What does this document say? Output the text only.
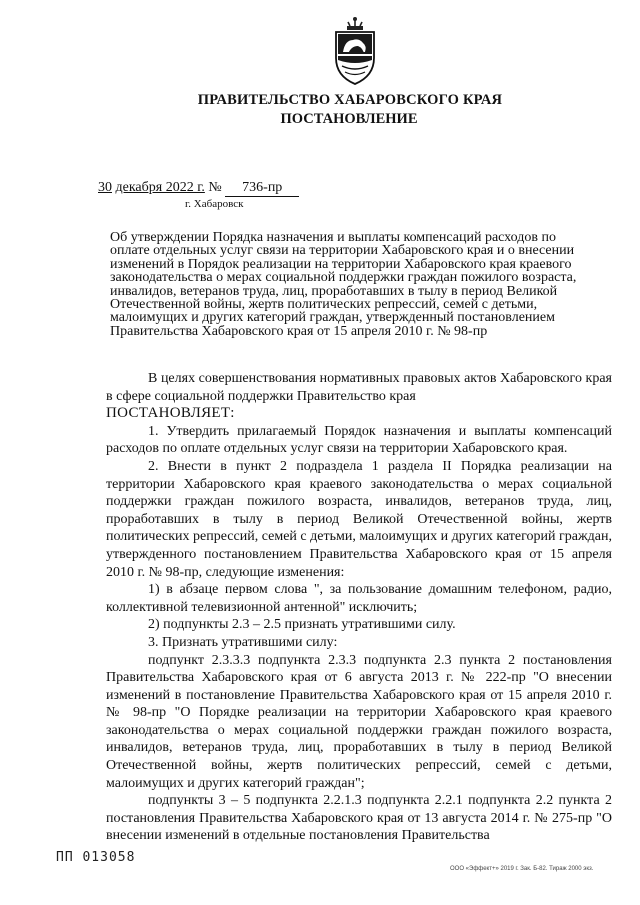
ПРАВИТЕЛЬСТВО ХАБАРОВСКОГО КРАЯ
ПОСТАНОВЛЕНИЕ
30 декабря 2022 г. № 736-пр
г. Хабаровск
Об утверждении Порядка назначения и выплаты компенсаций расходов по
оплате отдельных услуг связи на территории Хабаровского края и о внесении
изменений в Порядок реализации на территории Хабаровского края краевого
законодательства о мерах социальной поддержки граждан пожилого возраста,
инвалидов, ветеранов труда, лиц, проработавших в тылу в период Великой
Отечественной войны, жертв политических репрессий, семей с детьми,
малоимущих и других категорий граждан, утвержденный постановлением
Правительства Хабаровского края от 15 апреля 2010 г. № 98-пр

В целях совершенствования нормативных правовых актов Хабаровского края в сфере социальной поддержки Правительство края

ПОСТАНОВЛЯЕТ:

1. Утвердить прилагаемый Порядок назначения и выплаты компенсаций расходов по оплате отдельных услуг связи на территории Хабаровского края.

2. Внести в пункт 2 подраздела 1 раздела II Порядка реализации на территории Хабаровского края краевого законодательства о мерах социальной поддержки граждан пожилого возраста, инвалидов, ветеранов труда, лиц, проработавших в тылу в период Великой Отечественной войны, жертв политических репрессий, семей с детьми, малоимущих и других категорий граждан, утвержденного постановлением Правительства Хабаровского края от 15 апреля 2010 г. № 98-пр, следующие изменения:

1) в абзаце первом слова ", за пользование домашним телефоном, радио, коллективной телевизионной антенной" исключить;

2) подпункты 2.3 – 2.5 признать утратившими силу.

3. Признать утратившими силу:

подпункт 2.3.3.3 подпункта 2.3.3 подпункта 2.3 пункта 2 постановления Правительства Хабаровского края от 6 августа 2013 г. № 222-пр "О внесении изменений в постановление Правительства Хабаровского края от 15 апреля 2010 г. № 98-пр "О Порядке реализации на территории Хабаровского края краевого законодательства о мерах социальной поддержки граждан пожилого возраста, инвалидов, ветеранов труда, лиц, проработавших в тылу в период Великой Отечественной войны, жертв политических репрессий, семей с детьми, малоимущих и других категорий граждан";

подпункты 3 – 5 подпункта 2.2.1.3 подпункта 2.2.1 подпункта 2.2 пункта 2 постановления Правительства Хабаровского края от 13 августа 2014 г. № 275-пр "О внесении изменений в отдельные постановления Правительства

ПП 013058
ООО «Эффект+» 2019 г. Зак. Б-82. Тираж 2000 экз.
